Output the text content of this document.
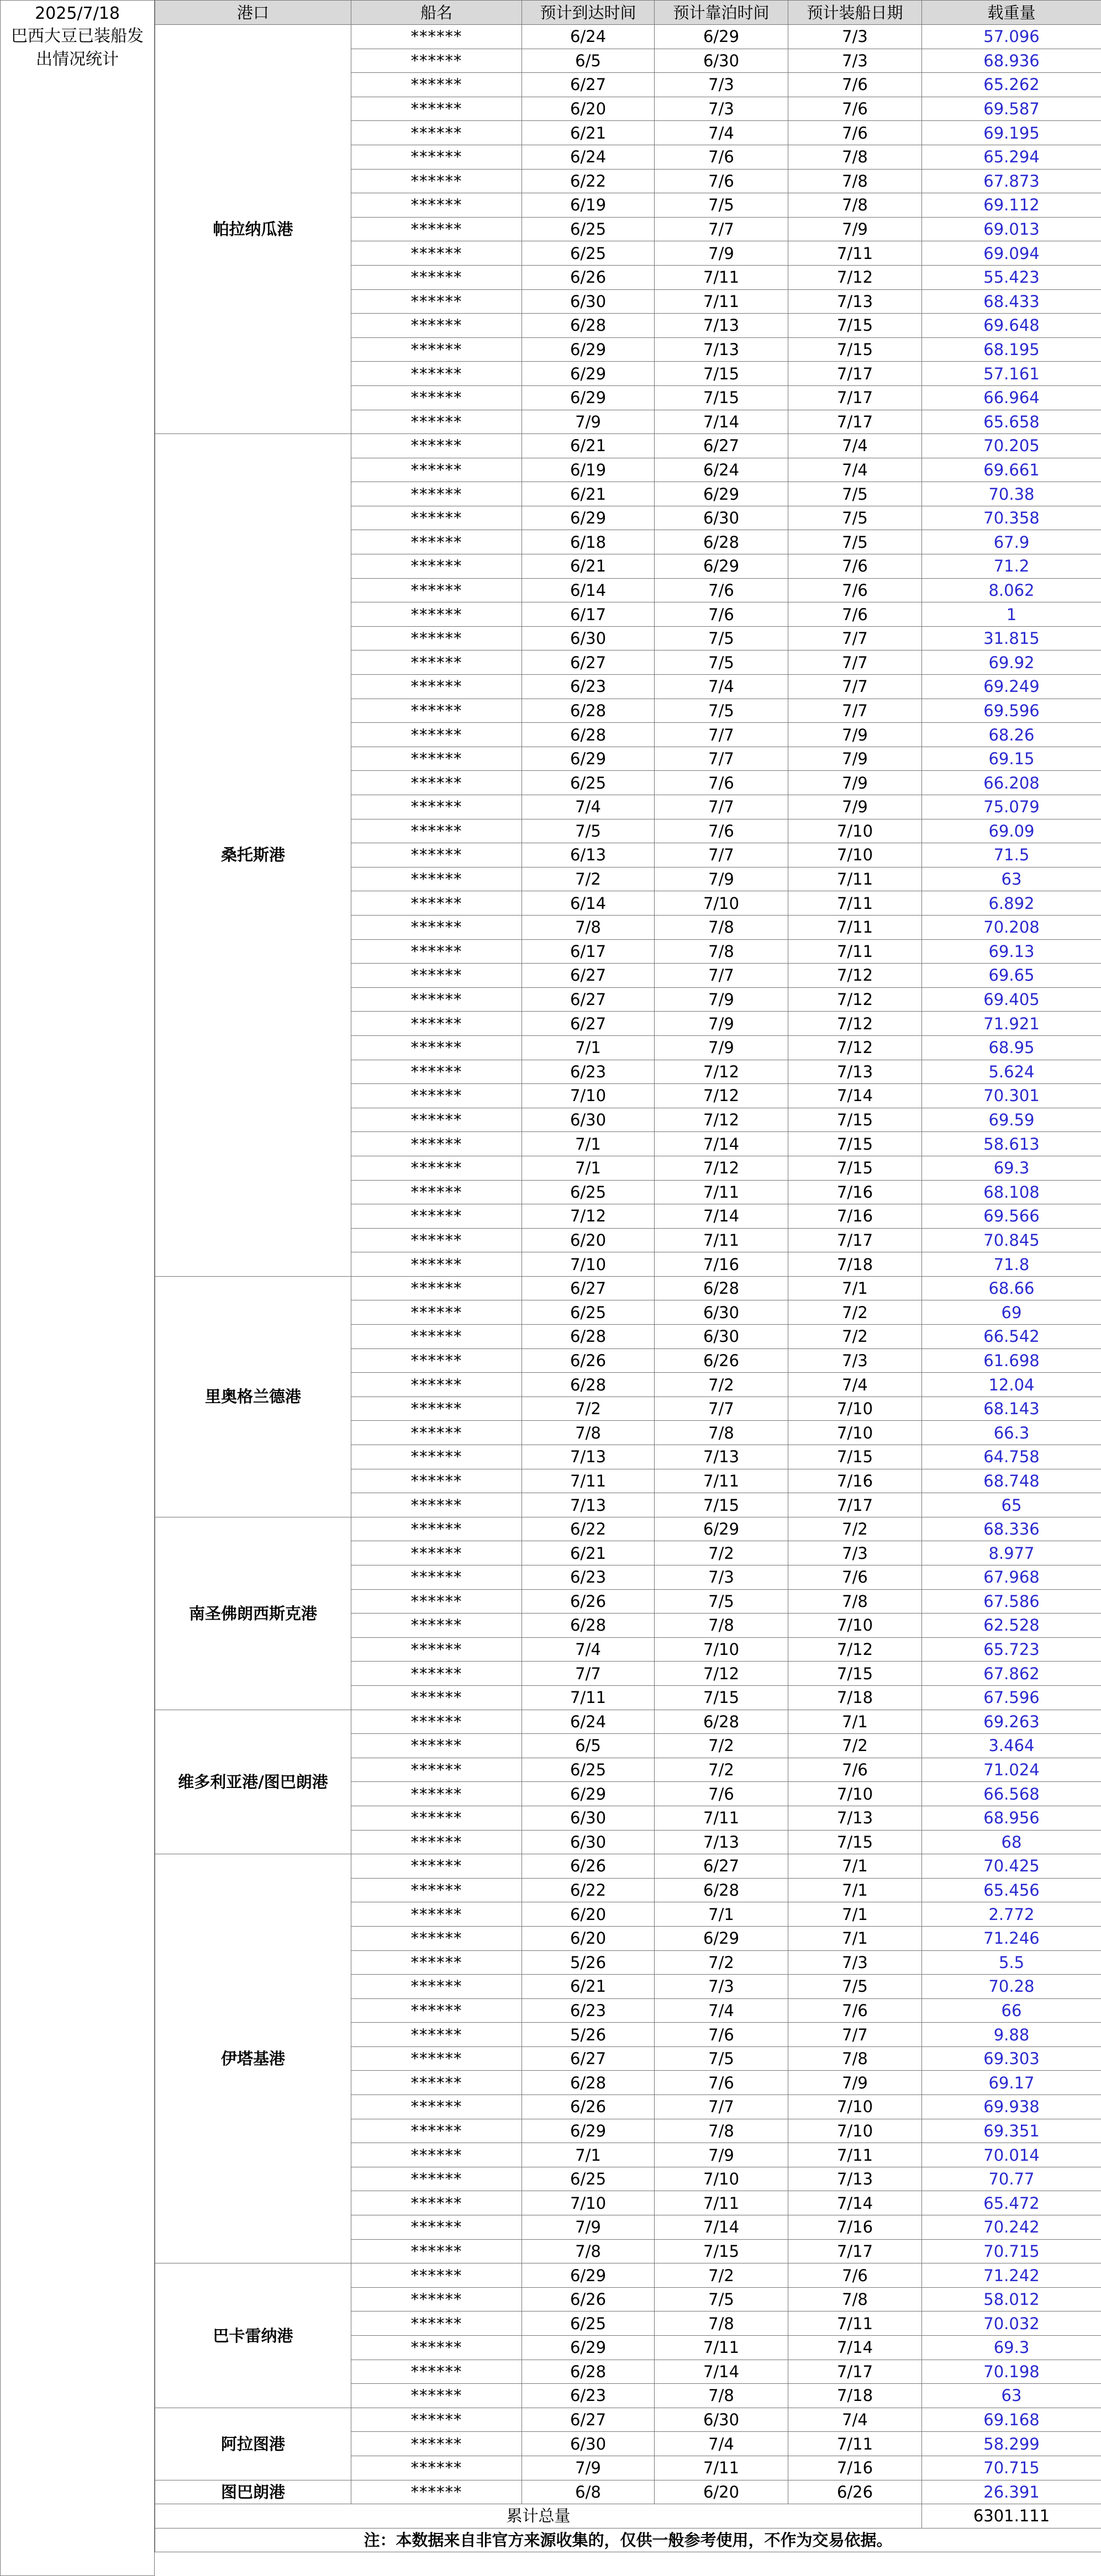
2025/7/18
巴西大豆已装船发出情况统计
港口	船名	预计到达时间	预计靠泊时间	预计装船日期	载重量
帕拉纳瓜港	******	6/24	6/29	7/3	57.096
	******	6/5	6/30	7/3	68.936
	******	6/27	7/3	7/6	65.262
	******	6/20	7/3	7/6	69.587
	******	6/21	7/4	7/6	69.195
	******	6/24	7/6	7/8	65.294
	******	6/22	7/6	7/8	67.873
	******	6/19	7/5	7/8	69.112
	******	6/25	7/7	7/9	69.013
	******	6/25	7/9	7/11	69.094
	******	6/26	7/11	7/12	55.423
	******	6/30	7/11	7/13	68.433
	******	6/28	7/13	7/15	69.648
	******	6/29	7/13	7/15	68.195
	******	6/29	7/15	7/17	57.161
	******	6/29	7/15	7/17	66.964
	******	7/9	7/14	7/17	65.658
桑托斯港	******	6/21	6/27	7/4	70.205
	******	6/19	6/24	7/4	69.661
	******	6/21	6/29	7/5	70.38
	******	6/29	6/30	7/5	70.358
	******	6/18	6/28	7/5	67.9
	******	6/21	6/29	7/6	71.2
	******	6/14	7/6	7/6	8.062
	******	6/17	7/6	7/6	1
	******	6/30	7/5	7/7	31.815
	******	6/27	7/5	7/7	69.92
	******	6/23	7/4	7/7	69.249
	******	6/28	7/5	7/7	69.596
	******	6/28	7/7	7/9	68.26
	******	6/29	7/7	7/9	69.15
	******	6/25	7/6	7/9	66.208
	******	7/4	7/7	7/9	75.079
	******	7/5	7/6	7/10	69.09
	******	6/13	7/7	7/10	71.5
	******	7/2	7/9	7/11	63
	******	6/14	7/10	7/11	6.892
	******	7/8	7/8	7/11	70.208
	******	6/17	7/8	7/11	69.13
	******	6/27	7/7	7/12	69.65
	******	6/27	7/9	7/12	69.405
	******	6/27	7/9	7/12	71.921
	******	7/1	7/9	7/12	68.95
	******	6/23	7/12	7/13	5.624
	******	7/10	7/12	7/14	70.301
	******	6/30	7/12	7/15	69.59
	******	7/1	7/14	7/15	58.613
	******	7/1	7/12	7/15	69.3
	******	6/25	7/11	7/16	68.108
	******	7/12	7/14	7/16	69.566
	******	6/20	7/11	7/17	70.845
	******	7/10	7/16	7/18	71.8
里奥格兰德港	******	6/27	6/28	7/1	68.66
	******	6/25	6/30	7/2	69
	******	6/28	6/30	7/2	66.542
	******	6/26	6/26	7/3	61.698
	******	6/28	7/2	7/4	12.04
	******	7/2	7/7	7/10	68.143
	******	7/8	7/8	7/10	66.3
	******	7/13	7/13	7/15	64.758
	******	7/11	7/11	7/16	68.748
	******	7/13	7/15	7/17	65
南圣佛朗西斯克港	******	6/22	6/29	7/2	68.336
	******	6/21	7/2	7/3	8.977
	******	6/23	7/3	7/6	67.968
	******	6/26	7/5	7/8	67.586
	******	6/28	7/8	7/10	62.528
	******	7/4	7/10	7/12	65.723
	******	7/7	7/12	7/15	67.862
	******	7/11	7/15	7/18	67.596
维多利亚港/图巴朗港	******	6/24	6/28	7/1	69.263
	******	6/5	7/2	7/2	3.464
	******	6/25	7/2	7/6	71.024
	******	6/29	7/6	7/10	66.568
	******	6/30	7/11	7/13	68.956
	******	6/30	7/13	7/15	68
伊塔基港	******	6/26	6/27	7/1	70.425
	******	6/22	6/28	7/1	65.456
	******	6/20	7/1	7/1	2.772
	******	6/20	6/29	7/1	71.246
	******	5/26	7/2	7/3	5.5
	******	6/21	7/3	7/5	70.28
	******	6/23	7/4	7/6	66
	******	5/26	7/6	7/7	9.88
	******	6/27	7/5	7/8	69.303
	******	6/28	7/6	7/9	69.17
	******	6/26	7/7	7/10	69.938
	******	6/29	7/8	7/10	69.351
	******	7/1	7/9	7/11	70.014
	******	6/25	7/10	7/13	70.77
	******	7/10	7/11	7/14	65.472
	******	7/9	7/14	7/16	70.242
	******	7/8	7/15	7/17	70.715
巴卡雷纳港	******	6/29	7/2	7/6	71.242
	******	6/26	7/5	7/8	58.012
	******	6/25	7/8	7/11	70.032
	******	6/29	7/11	7/14	69.3
	******	6/28	7/14	7/17	70.198
	******	6/23	7/8	7/18	63
阿拉图港	******	6/27	6/30	7/4	69.168
	******	6/30	7/4	7/11	58.299
	******	7/9	7/11	7/16	70.715
图巴朗港	******	6/8	6/20	6/26	26.391
累计总量					6301.111
注：本数据来自非官方来源收集的，仅供一般参考使用，不作为交易依据。					
